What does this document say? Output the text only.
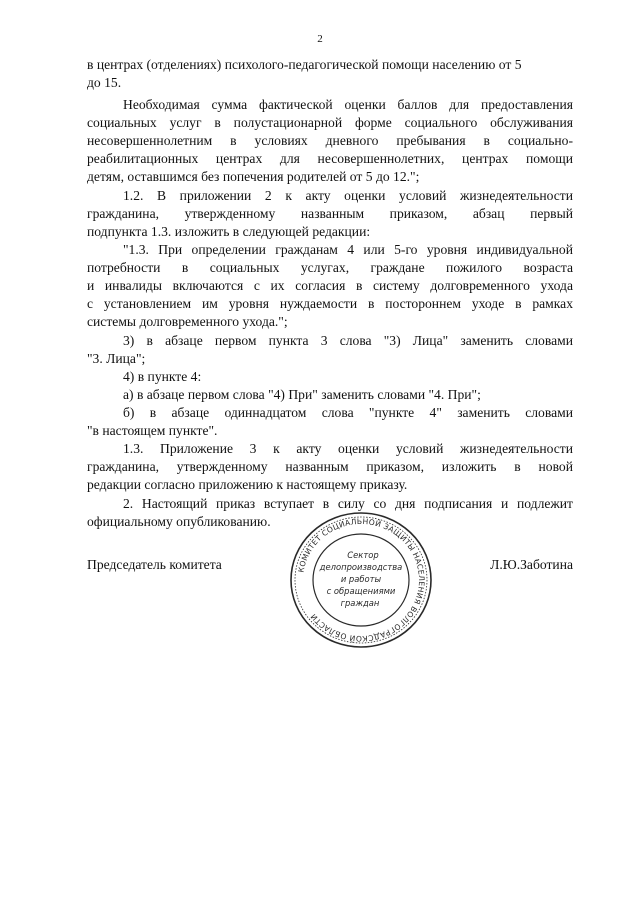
2
в центрах (отделениях) психолого-педагогической помощи населению от 5
до 15.
Необходимая сумма фактической оценки баллов для предоставления
социальных услуг в полустационарной форме социального обслуживания
несовершеннолетним в условиях дневного пребывания в социально-
реабилитационных центрах для несовершеннолетних, центрах помощи
детям, оставшимся без попечения родителей от 5 до 12.";
1.2. В приложении 2 к акту оценки условий жизнедеятельности
гражданина, утвержденному названным приказом, абзац первый
подпункта 1.3. изложить в следующей редакции:
"1.3. При определении гражданам 4 или 5-го уровня индивидуальной
потребности в социальных услугах, граждане пожилого возраста
и инвалиды включаются с их согласия в систему долговременного ухода
с установлением им уровня нуждаемости в постороннем уходе в рамках
системы долговременного ухода.";
3) в абзаце первом пункта 3 слова "3) Лица" заменить словами
"3. Лица";
4) в пункте 4:
а) в абзаце первом слова "4) При" заменить словами "4. При";
б) в абзаце одиннадцатом слова "пункте 4" заменить словами
"в настоящем пункте".
1.3. Приложение 3 к акту оценки условий жизнедеятельности
гражданина, утвержденному названным приказом, изложить в новой
редакции согласно приложению к настоящему приказу.
2. Настоящий приказ вступает в силу со дня подписания и подлежит
официальному опубликованию.
Председатель комитета	Л.Ю.Заботина
КОМИТЕТ СОЦИАЛЬНОЙ ЗАЩИТЫ НАСЕЛЕНИЯ ВОЛГОГРАДСКОЙ ОБЛАСТИ
Сектор
делопроизводства
и работы
с обращениями
граждан
